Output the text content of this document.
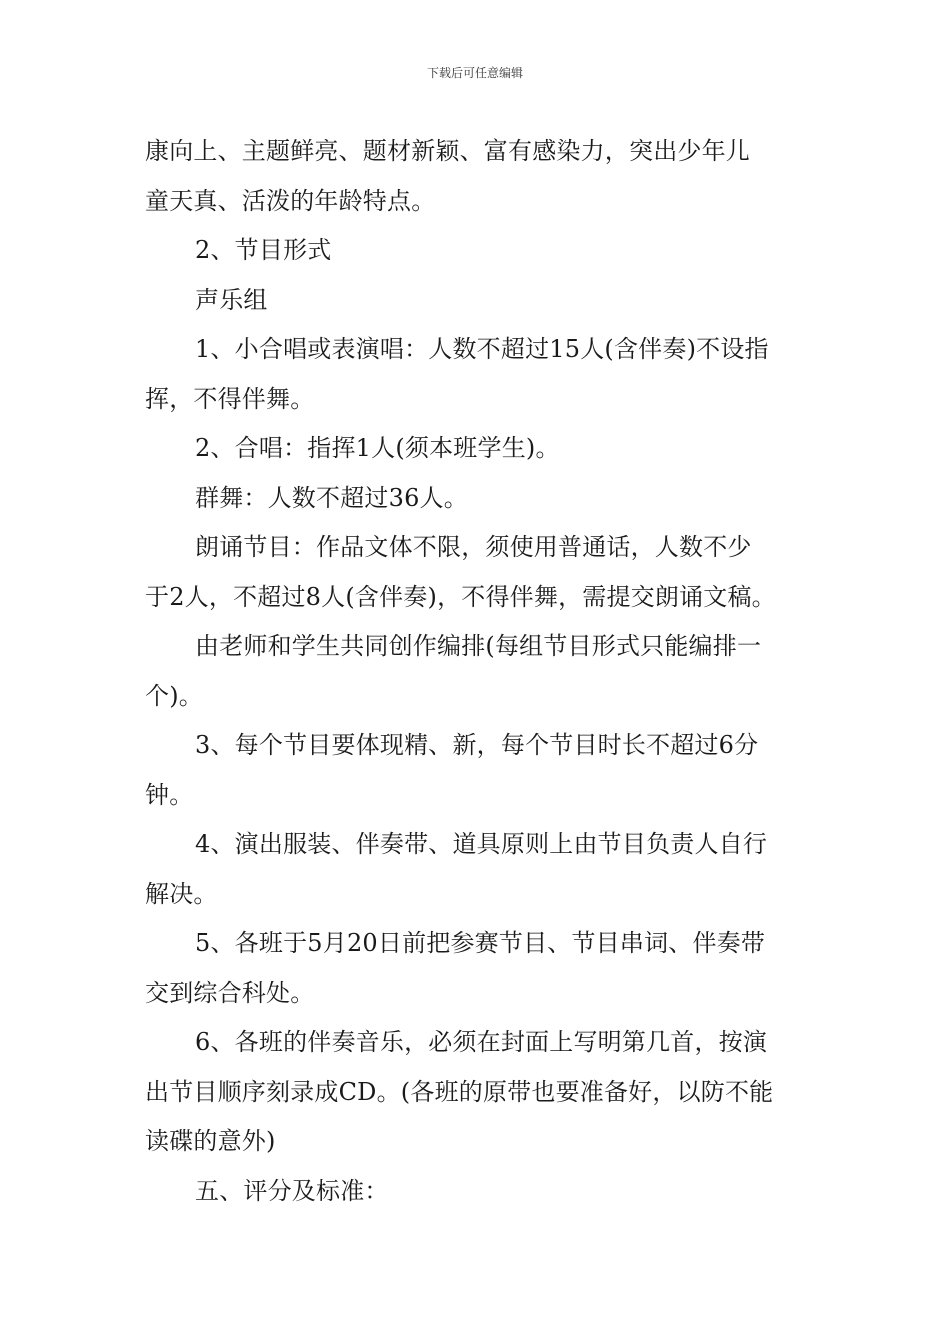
下载后可任意编辑

康向上、主题鲜亮、题材新颖、富有感染力，突出少年儿

童天真、活泼的年龄特点。

2、节目形式

声乐组

1、小合唱或表演唱：人数不超过15人(含伴奏)不设指

挥，不得伴舞。

2、合唱：指挥1人(须本班学生)。

群舞：人数不超过36人。

朗诵节目：作品文体不限，须使用普通话，人数不少

于2人，不超过8人(含伴奏)，不得伴舞，需提交朗诵文稿。

由老师和学生共同创作编排(每组节目形式只能编排一

个)。

3、每个节目要体现精、新，每个节目时长不超过6分

钟。

4、演出服装、伴奏带、道具原则上由节目负责人自行

解决。

5、各班于5月20日前把参赛节目、节目串词、伴奏带

交到综合科处。

6、各班的伴奏音乐，必须在封面上写明第几首，按演

出节目顺序刻录成CD。(各班的原带也要准备好，以防不能

读碟的意外)

五、评分及标准：
